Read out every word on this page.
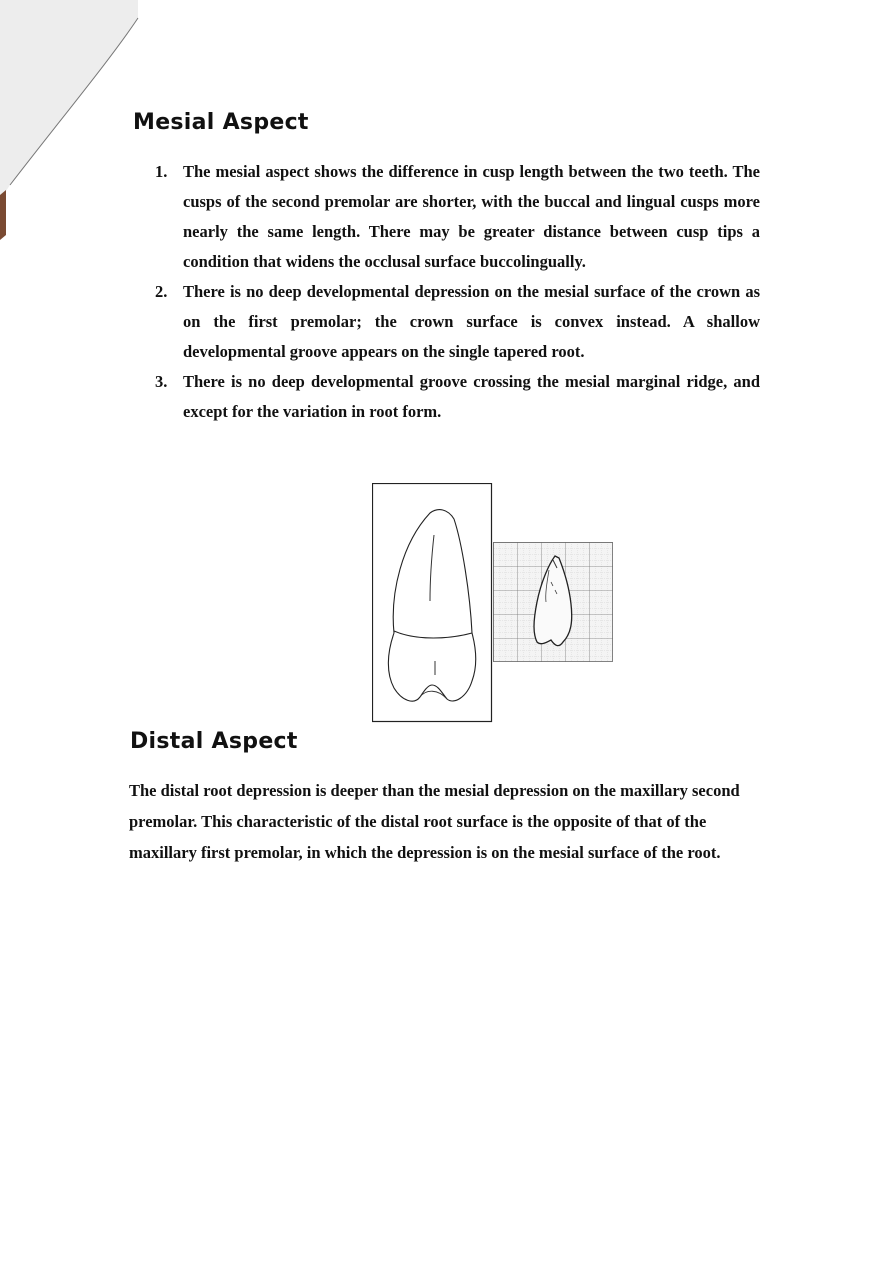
Mesial Aspect
1. The mesial aspect shows the difference in cusp length between the two teeth. The cusps of the second premolar are shorter, with the buccal and lingual cusps more nearly the same length. There may be greater distance between cusp tips a condition that widens the occlusal surface buccolingually.
2. There is no deep developmental depression on the mesial surface of the crown as on the first premolar; the crown surface is convex instead. A shallow developmental groove appears on the single tapered root.
3. There is no deep developmental groove crossing the mesial marginal ridge, and except for the variation in root form.
Distal Aspect

The distal root depression is deeper than the mesial depression on the maxillary second premolar. This characteristic of the distal root surface is the opposite of that of the maxillary first premolar, in which the depression is on the mesial surface of the root.
